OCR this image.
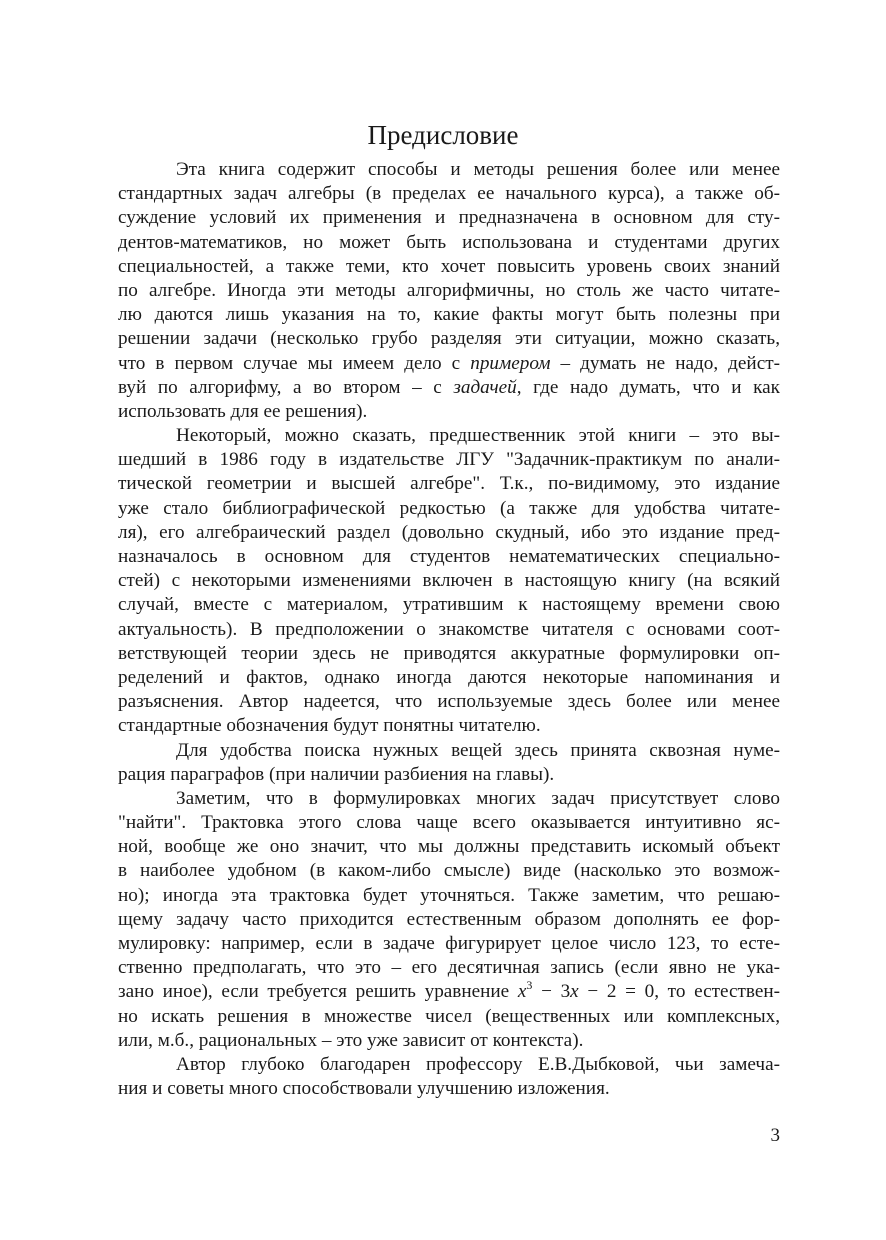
Предисловие
Эта книга содержит способы и методы решения более или менее
стандартных задач алгебры (в пределах ее начального курса), а также об-
суждение условий их применения и предназначена в основном для сту-
дентов-математиков, но может быть использована и студентами других
специальностей, а также теми, кто хочет повысить уровень своих знаний
по алгебре. Иногда эти методы алгорифмичны, но столь же часто читате-
лю даются лишь указания на то, какие факты могут быть полезны при
решении задачи (несколько грубо разделяя эти ситуации, можно сказать,
что в первом случае мы имеем дело с примером – думать не надо, дейст-
вуй по алгорифму, а во втором – с задачей, где надо думать, что и как
использовать для ее решения).
Некоторый, можно сказать, предшественник этой книги – это вы-
шедший в 1986 году в издательстве ЛГУ "Задачник-практикум по анали-
тической геометрии и высшей алгебре". Т.к., по-видимому, это издание
уже стало библиографической редкостью (а также для удобства читате-
ля), его алгебраический раздел (довольно скудный, ибо это издание пред-
назначалось в основном для студентов нематематических специально-
стей) с некоторыми изменениями включен в настоящую книгу (на всякий
случай, вместе с материалом, утратившим к настоящему времени свою
актуальность). В предположении о знакомстве читателя с основами соот-
ветствующей теории здесь не приводятся аккуратные формулировки оп-
ределений и фактов, однако иногда даются некоторые напоминания и
разъяснения. Автор надеется, что используемые здесь более или менее
стандартные обозначения будут понятны читателю.
Для удобства поиска нужных вещей здесь принята сквозная нуме-
рация параграфов (при наличии разбиения на главы).
Заметим, что в формулировках многих задач присутствует слово
"найти". Трактовка этого слова чаще всего оказывается интуитивно яс-
ной, вообще же оно значит, что мы должны представить искомый объект
в наиболее удобном (в каком-либо смысле) виде (насколько это возмож-
но); иногда эта трактовка будет уточняться. Также заметим, что решаю-
щему задачу часто приходится естественным образом дополнять ее фор-
мулировку: например, если в задаче фигурирует целое число 123, то есте-
ственно предполагать, что это – его десятичная запись (если явно не ука-
зано иное), если требуется решить уравнение $x^3 - 3x - 2 = 0$, то естествен-
но искать решения в множестве чисел (вещественных или комплексных,
или, м.б., рациональных – это уже зависит от контекста).
Автор глубоко благодарен профессору Е.В.Дыбковой, чьи замеча-
ния и советы много способствовали улучшению изложения.
3
